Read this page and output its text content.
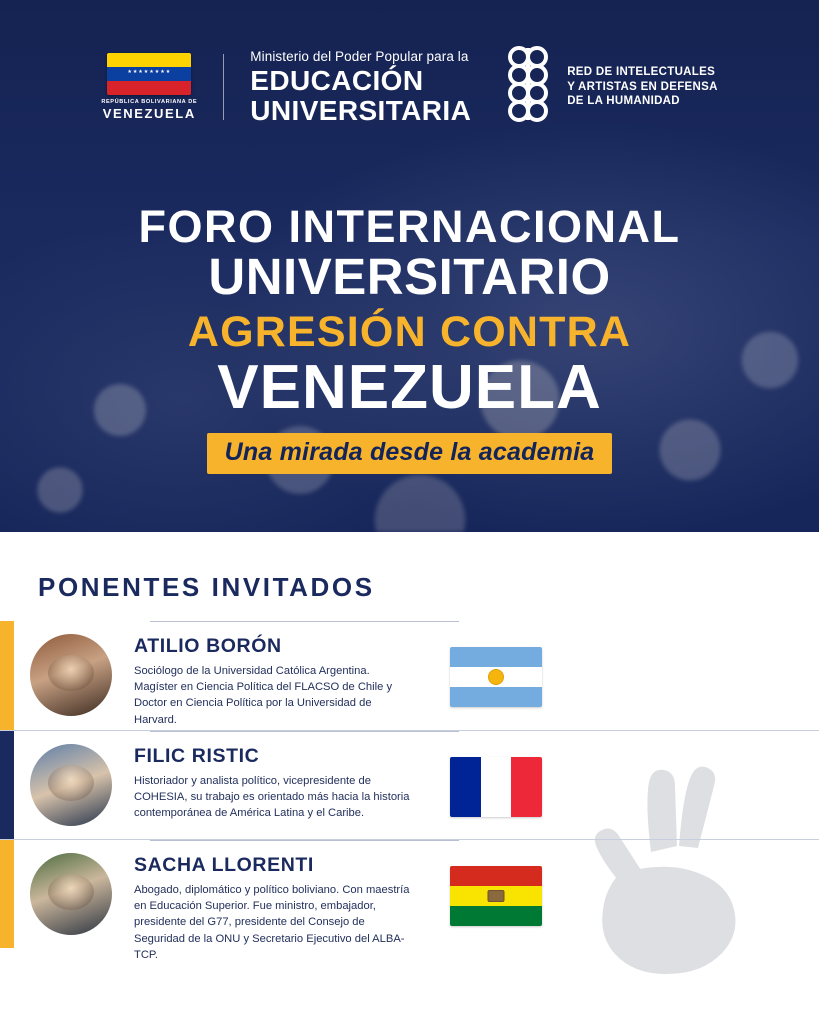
★★★★★★★★
REPÚBLICA BOLIVARIANA DE
VENEZUELA
Ministerio del Poder Popular para la
EDUCACIÓN
UNIVERSITARIA
RED DE INTELECTUALES
Y ARTISTAS EN DEFENSA
DE LA HUMANIDAD
FORO INTERNACIONAL
UNIVERSITARIO
AGRESIÓN CONTRA
VENEZUELA
Una mirada desde la academia
PONENTES INVITADOS
ATILIO BORÓN
Sociólogo de la Universidad Católica Argentina. Magíster en Ciencia Política del FLACSO de Chile y Doctor en Ciencia Política por la Universidad de Harvard.
FILIC RISTIC
Historiador y analista político, vicepresidente de COHESIA, su trabajo es orientado más hacia la historia contemporánea de América Latina y el Caribe.
SACHA LLORENTI
Abogado, diplomático y político boliviano. Con maestría en Educación Superior. Fue ministro, embajador, presidente del G77, presidente del Consejo de Seguridad de la ONU y Secretario Ejecutivo del ALBA-TCP.
